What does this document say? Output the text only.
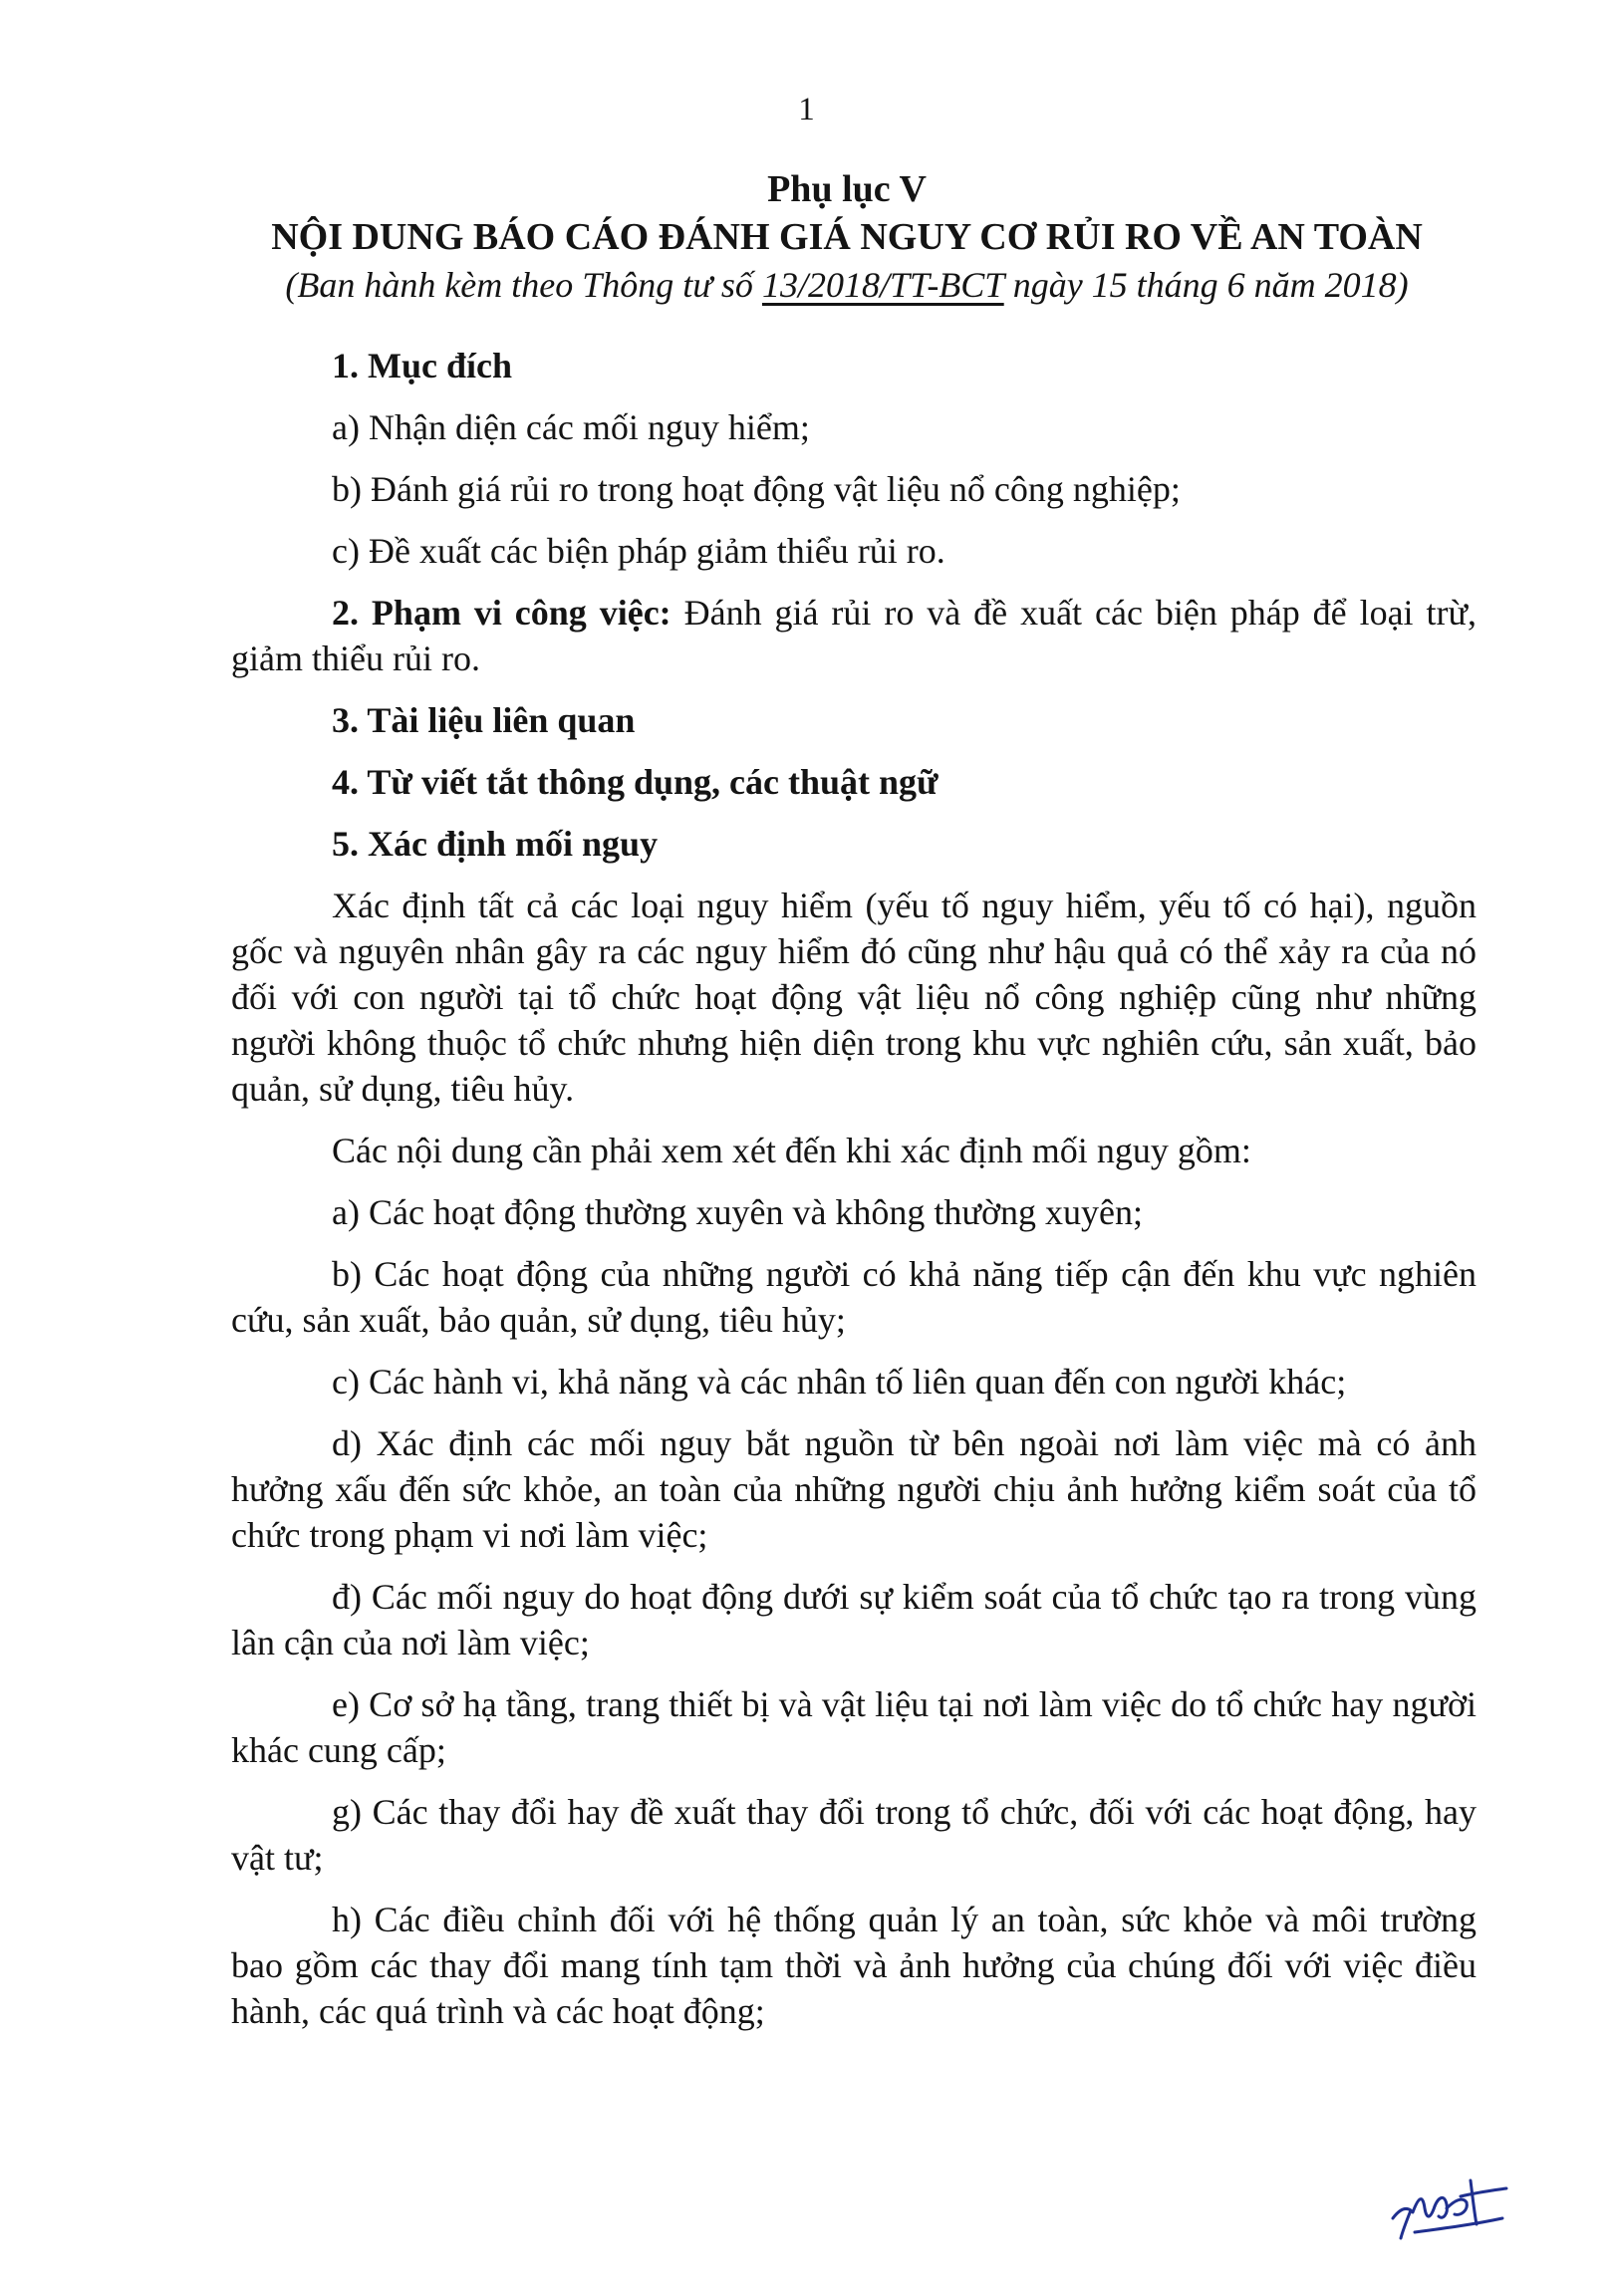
1
Phụ lục V
NỘI DUNG BÁO CÁO ĐÁNH GIÁ NGUY CƠ RỦI RO VỀ AN TOÀN
(Ban hành kèm theo Thông tư số 13/2018/TT-BCT ngày 15 tháng 6 năm 2018)

1. Mục đích

a) Nhận diện các mối nguy hiểm;

b) Đánh giá rủi ro trong hoạt động vật liệu nổ công nghiệp;

c) Đề xuất các biện pháp giảm thiểu rủi ro.

2. Phạm vi công việc: Đánh giá rủi ro và đề xuất các biện pháp để loại trừ, giảm thiểu rủi ro.

3. Tài liệu liên quan

4. Từ viết tắt thông dụng, các thuật ngữ

5. Xác định mối nguy

Xác định tất cả các loại nguy hiểm (yếu tố nguy hiểm, yếu tố có hại), nguồn gốc và nguyên nhân gây ra các nguy hiểm đó cũng như hậu quả có thể xảy ra của nó đối với con người tại tổ chức hoạt động vật liệu nổ công nghiệp cũng như những người không thuộc tổ chức nhưng hiện diện trong khu vực nghiên cứu, sản xuất, bảo quản, sử dụng, tiêu hủy.

Các nội dung cần phải xem xét đến khi xác định mối nguy gồm:

a) Các hoạt động thường xuyên và không thường xuyên;

b) Các hoạt động của những người có khả năng tiếp cận đến khu vực nghiên cứu, sản xuất, bảo quản, sử dụng, tiêu hủy;

c) Các hành vi, khả năng và các nhân tố liên quan đến con người khác;

d) Xác định các mối nguy bắt nguồn từ bên ngoài nơi làm việc mà có ảnh hưởng xấu đến sức khỏe, an toàn của những người chịu ảnh hưởng kiểm soát của tổ chức trong phạm vi nơi làm việc;

đ) Các mối nguy do hoạt động dưới sự kiểm soát của tổ chức tạo ra trong vùng lân cận của nơi làm việc;

e) Cơ sở hạ tầng, trang thiết bị và vật liệu tại nơi làm việc do tổ chức hay người khác cung cấp;

g) Các thay đổi hay đề xuất thay đổi trong tổ chức, đối với các hoạt động, hay vật tư;

h) Các điều chỉnh đối với hệ thống quản lý an toàn, sức khỏe và môi trường bao gồm các thay đổi mang tính tạm thời và ảnh hưởng của chúng đối với việc điều hành, các quá trình và các hoạt động;
